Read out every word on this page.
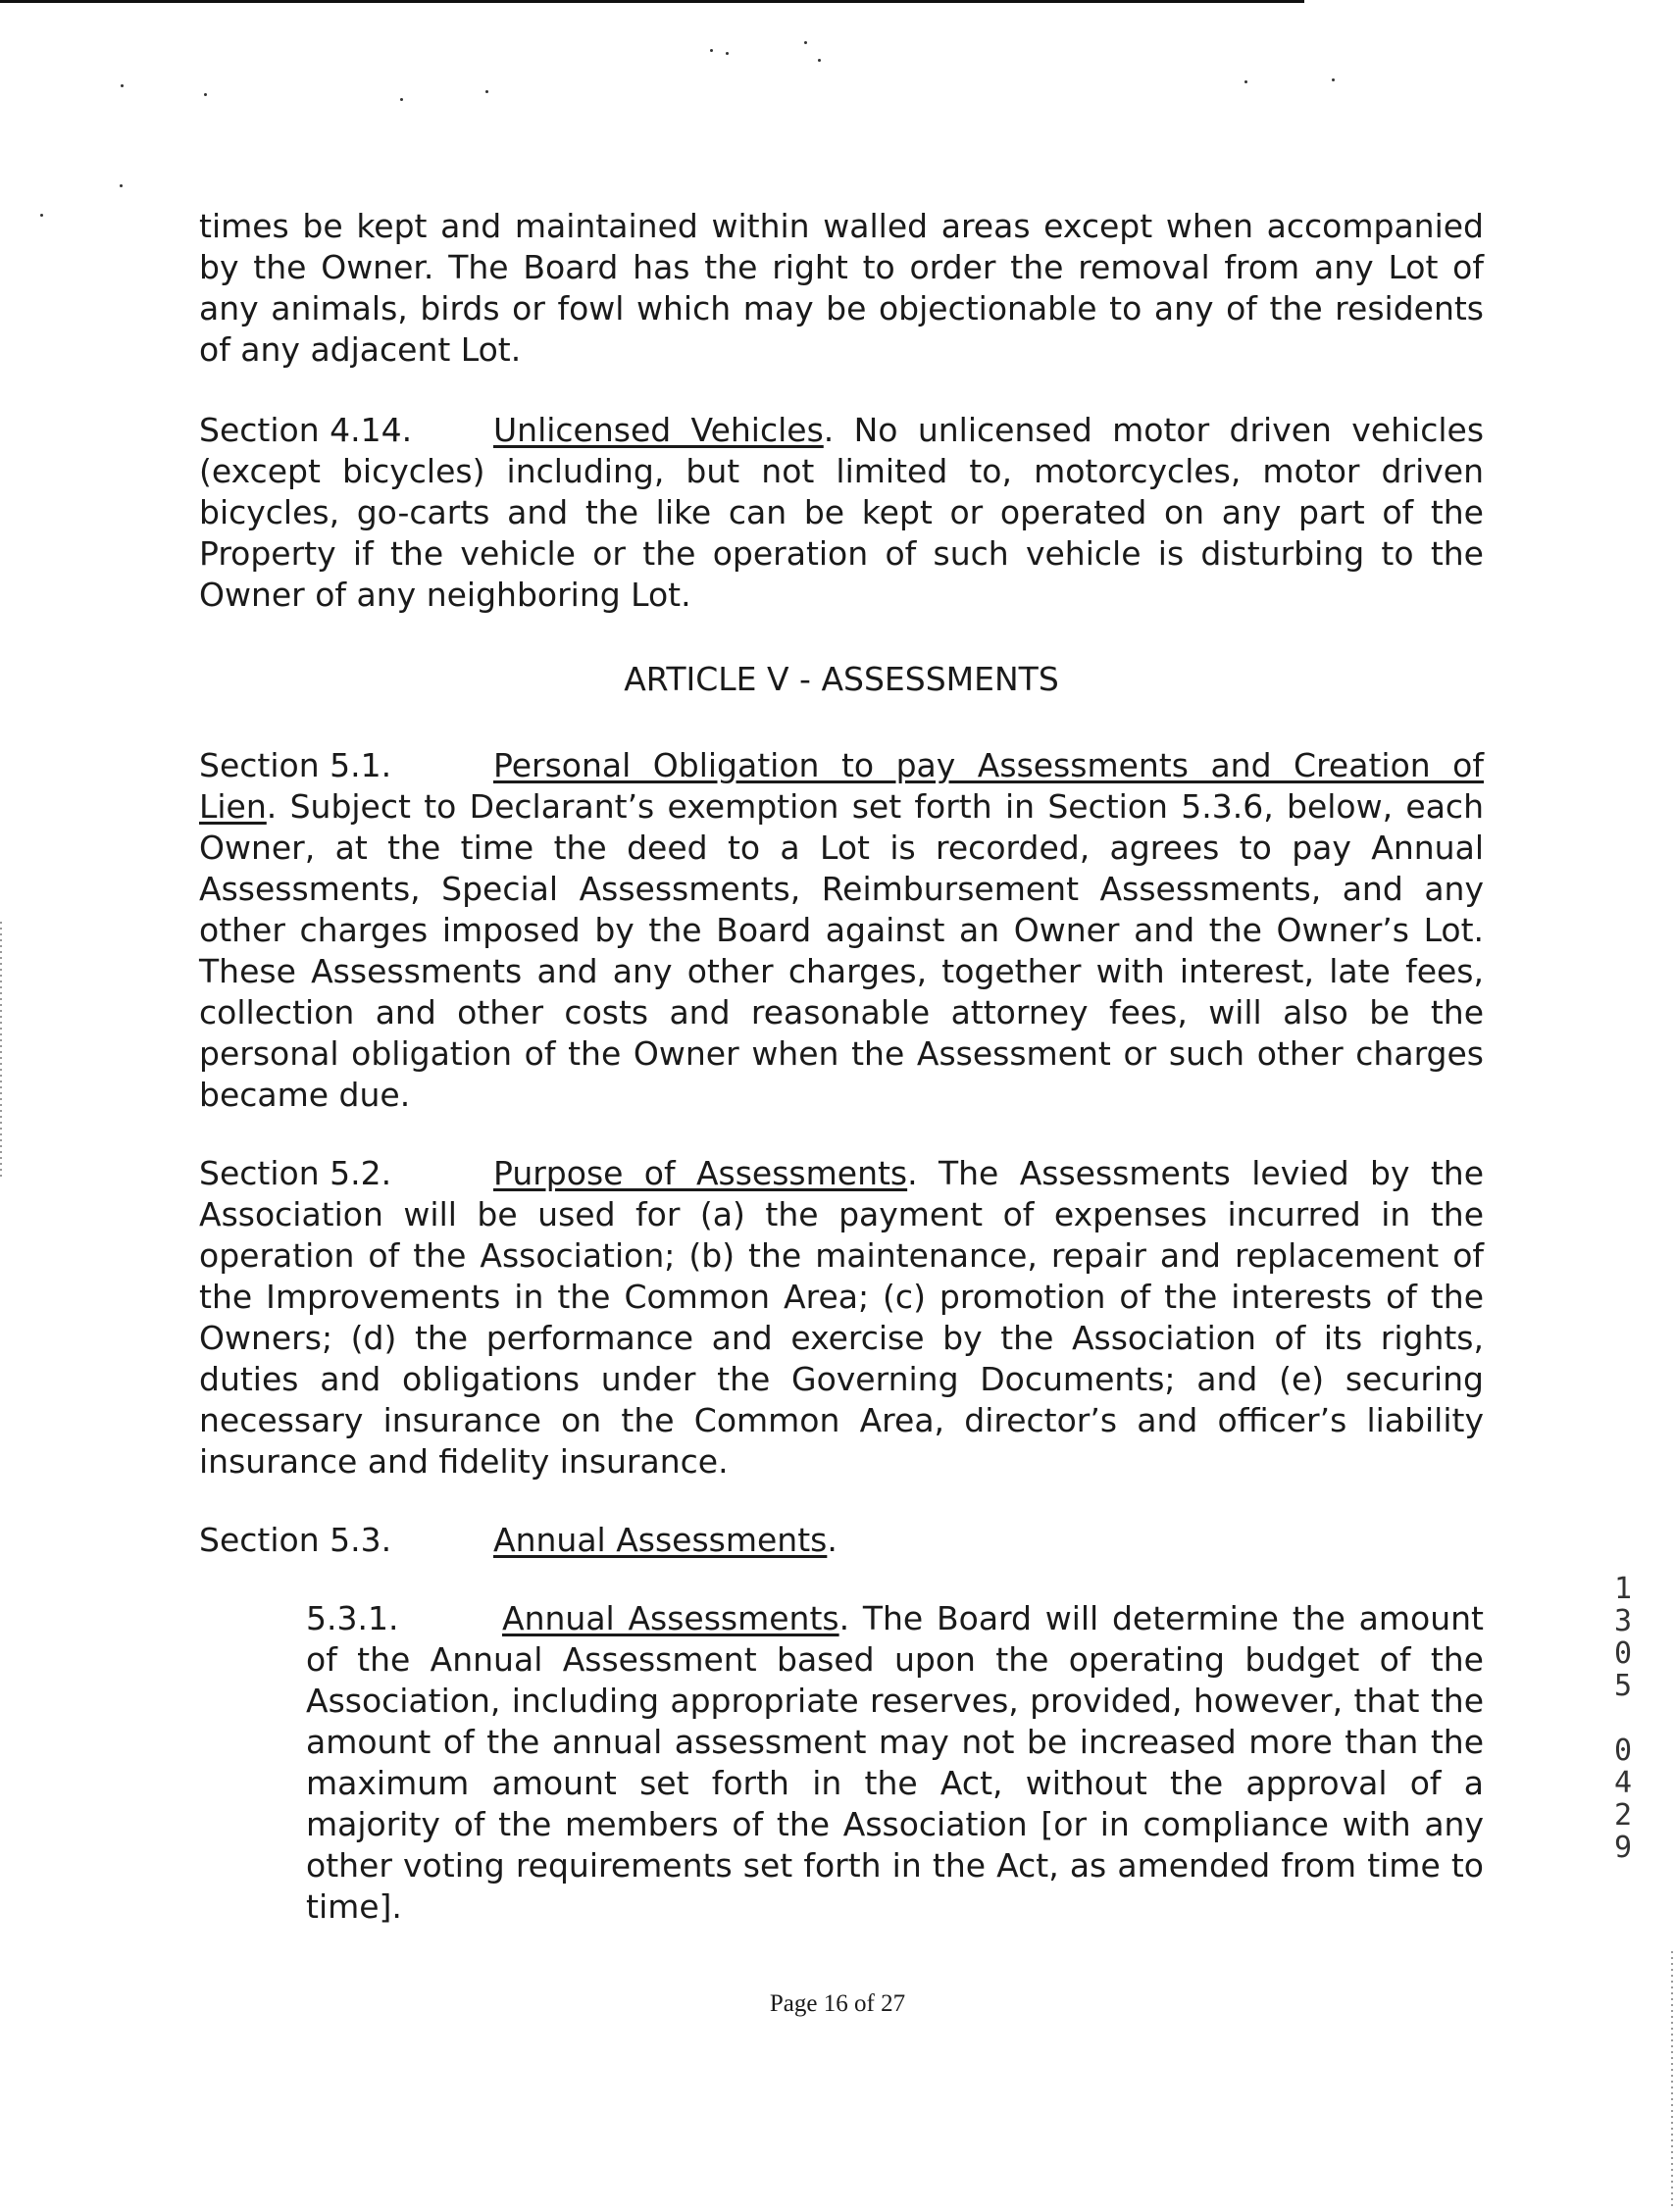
times be kept and maintained within walled areas except when accompanied by the Owner. The Board has the right to order the removal from any Lot of any animals, birds or fowl which may be objectionable to any of the residents of any adjacent Lot.

Section 4.14.	Unlicensed Vehicles. No unlicensed motor driven vehicles (except bicycles) including, but not limited to, motorcycles, motor driven bicycles, go-carts and the like can be kept or operated on any part of the Property if the vehicle or the operation of such vehicle is disturbing to the Owner of any neighboring Lot.

ARTICLE V - ASSESSMENTS

Section 5.1.	Personal Obligation to pay Assessments and Creation of Lien. Subject to Declarant’s exemption set forth in Section 5.3.6, below, each Owner, at the time the deed to a Lot is recorded, agrees to pay Annual Assessments, Special Assessments, Reimbursement Assessments, and any other charges imposed by the Board against an Owner and the Owner’s Lot. These Assessments and any other charges, together with interest, late fees, collection and other costs and reasonable attorney fees, will also be the personal obligation of the Owner when the Assessment or such other charges became due.

Section 5.2.	Purpose of Assessments. The Assessments levied by the Association will be used for (a) the payment of expenses incurred in the operation of the Association; (b) the maintenance, repair and replacement of the Improvements in the Common Area; (c) promotion of the interests of the Owners; (d) the performance and exercise by the Association of its rights, duties and obligations under the Governing Documents; and (e) securing necessary insurance on the Common Area, director’s and officer’s liability insurance and fidelity insurance.

Section 5.3.	Annual Assessments.

5.3.1.	Annual Assessments. The Board will determine the amount of the Annual Assessment based upon the operating budget of the Association, including appropriate reserves, provided, however, that the amount of the annual assessment may not be increased more than the maximum amount set forth in the Act, without the approval of a majority of the members of the Association [or in compliance with any other voting requirements set forth in the Act, as amended from time to time].

Page 16 of 27
1
3
0
5

0
4
2
9
